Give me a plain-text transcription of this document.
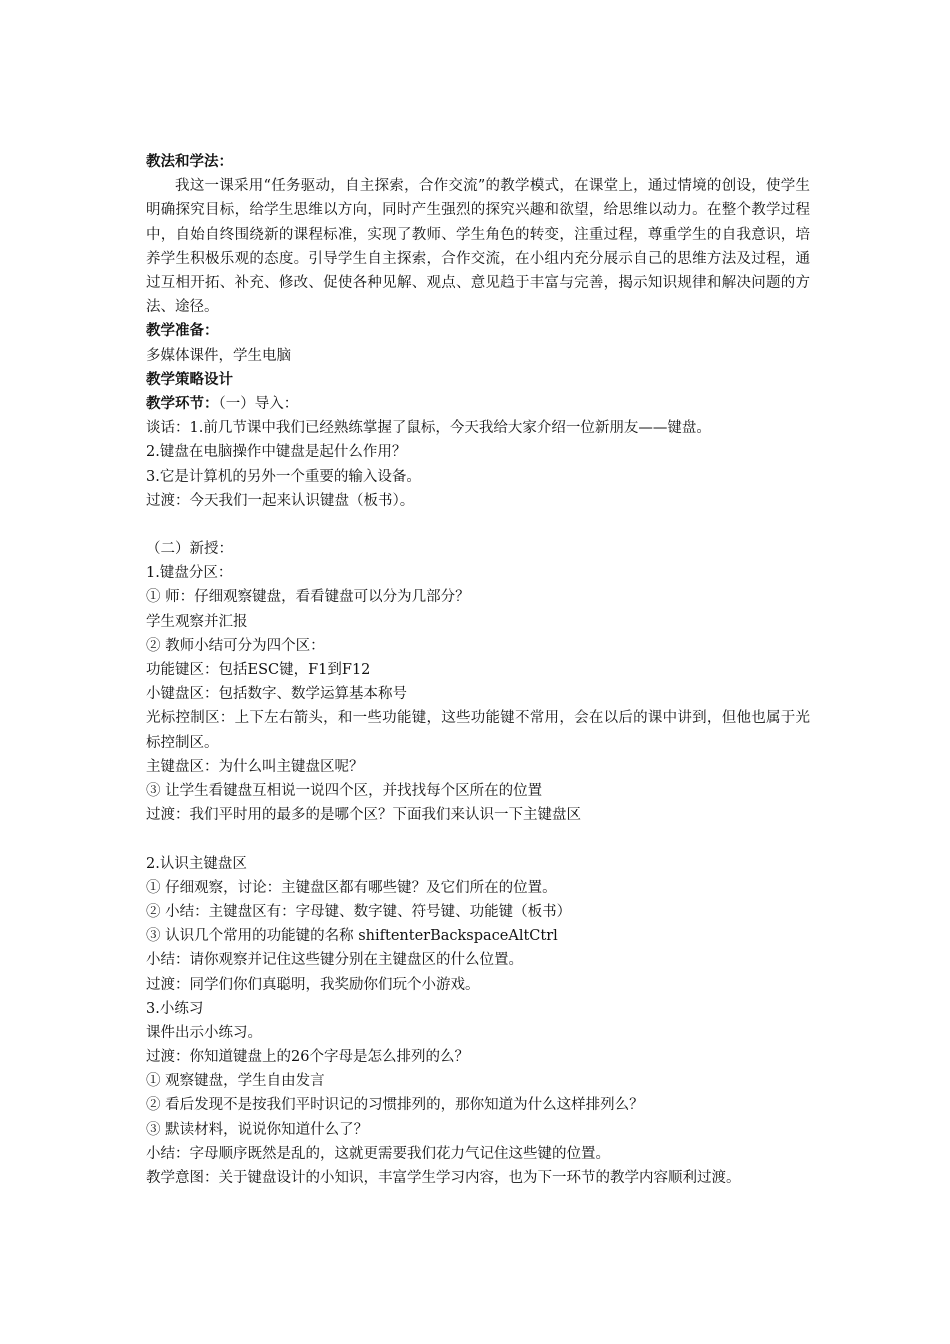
教法和学法：
我这一课采用“任务驱动，自主探索，合作交流”的教学模式，在课堂上，通过情境的创设，使学生明确探究目标，给学生思维以方向，同时产生强烈的探究兴趣和欲望，给思维以动力。在整个教学过程中，自始自终围绕新的课程标准，实现了教师、学生角色的转变，注重过程，尊重学生的自我意识，培养学生积极乐观的态度。引导学生自主探索，合作交流，在小组内充分展示自己的思维方法及过程，通过互相开拓、补充、修改、促使各种见解、观点、意见趋于丰富与完善，揭示知识规律和解决问题的方法、途径。
教学准备：
多媒体课件，学生电脑
教学策略设计
教学环节：（一）导入：
谈话：1.前几节课中我们已经熟练掌握了鼠标，今天我给大家介绍一位新朋友——键盘。
2.键盘在电脑操作中键盘是起什么作用？
3.它是计算机的另外一个重要的输入设备。
过渡：今天我们一起来认识键盘（板书）。
（二）新授：
1.键盘分区：
① 师：仔细观察键盘，看看键盘可以分为几部分？
学生观察并汇报
② 教师小结可分为四个区：
功能键区：包括ESC键，F1到F12
小键盘区：包括数字、数学运算基本称号
光标控制区：上下左右箭头，和一些功能键，这些功能键不常用，会在以后的课中讲到，但他也属于光标控制区。
主键盘区：为什么叫主键盘区呢？
③ 让学生看键盘互相说一说四个区，并找找每个区所在的位置
过渡：我们平时用的最多的是哪个区？下面我们来认识一下主键盘区
2.认识主键盘区
① 仔细观察，讨论：主键盘区都有哪些键？及它们所在的位置。
② 小结：主键盘区有：字母键、数字键、符号键、功能键（板书）
③ 认识几个常用的功能键的名称 shiftenterBackspaceAltCtrl
小结：请你观察并记住这些键分别在主键盘区的什么位置。
过渡：同学们你们真聪明，我奖励你们玩个小游戏。
3.小练习
课件出示小练习。
过渡：你知道键盘上的26个字母是怎么排列的么？
① 观察键盘，学生自由发言
② 看后发现不是按我们平时识记的习惯排列的，那你知道为什么这样排列么？
③ 默读材料，说说你知道什么了？
小结：字母顺序既然是乱的，这就更需要我们花力气记住这些键的位置。
教学意图：关于键盘设计的小知识，丰富学生学习内容，也为下一环节的教学内容顺利过渡。
